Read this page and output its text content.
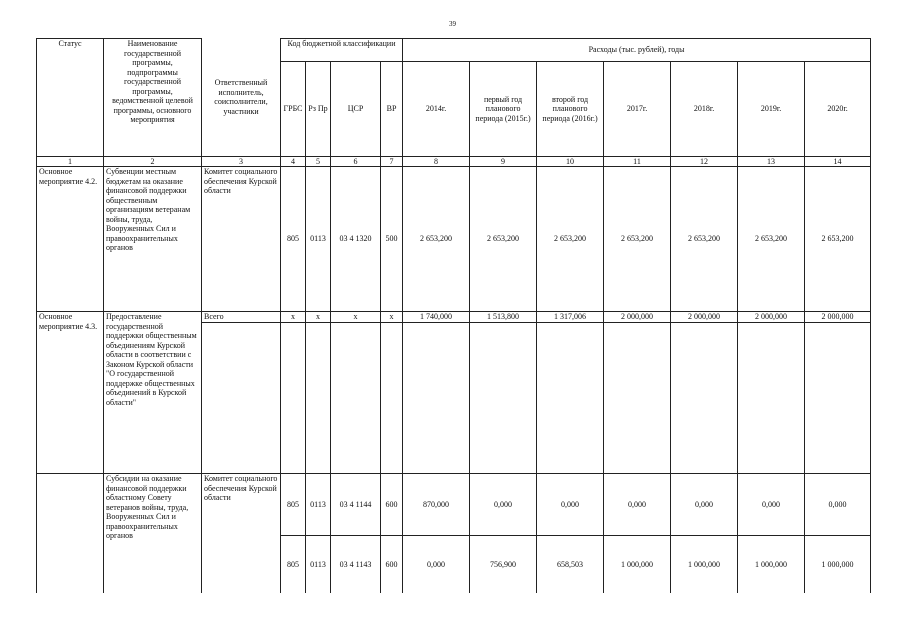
39
Статус	Наименование государственной программы, подпрограммы государственной программы, ведомственной целевой программы, основного мероприятия	Ответственный исполнитель, соисполнители, участники	Код бюджетной классификации				Расходы (тыс. рублей), годы						
			ГРБС	Рз Пр	ЦСР	ВР	2014г.	первый год планового периода (2015г.)	второй год планового периода (2016г.)	2017г.	2018г.	2019г.	2020г.
1	2	3	4	5	6	7	8	9	10	11	12	13	14
Основное мероприятие 4.2.	Субвенции местным бюджетам на оказание финансовой поддержки общественным организациям ветеранам войны, труда, Вооруженных Сил и правоохранительных органов	Комитет социального обеспечения Курской области	805	0113	03 4 1320	500	2 653,200	2 653,200	2 653,200	2 653,200	2 653,200	2 653,200	2 653,200
Основное мероприятие 4.3.	Предоставление государственной поддержки общественным объединениям Курской области в соответствии с Законом Курской области "О государственной поддержке общественных объединений в Курской области"	Всего	х	х	х	х	1 740,000	1 513,800	1 317,006	2 000,000	2 000,000	2 000,000	2 000,000

	Субсидии на оказание финансовой поддержки областному Совету ветеранов войны, труда, Вооруженных Сил и правоохранительных органов	Комитет социального обеспечения Курской области	805	0113	03 4 1144	600	870,000	0,000	0,000	0,000	0,000	0,000	0,000
			805	0113	03 4 1143	600	0,000	756,900	658,503	1 000,000	1 000,000	1 000,000	1 000,000
